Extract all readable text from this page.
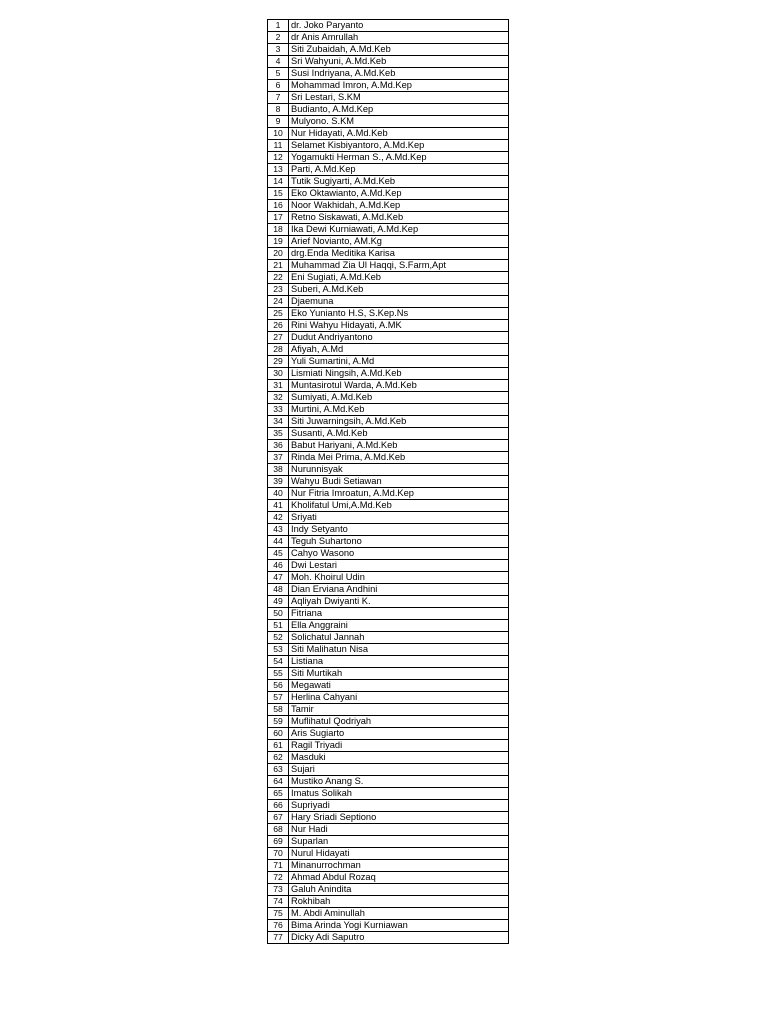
1	dr. Joko Paryanto
2	dr Anis Amrullah
3	Siti Zubaidah, A.Md.Keb
4	Sri Wahyuni, A.Md.Keb
5	Susi Indriyana, A.Md.Keb
6	Mohammad Imron, A.Md.Kep
7	Sri Lestari, S.KM
8	Budianto, A.Md.Kep
9	Mulyono. S.KM
10	Nur Hidayati, A.Md.Keb
11	Selamet Kisbiyantoro, A.Md.Kep
12	Yogamukti Herman S., A.Md.Kep
13	Parti, A.Md.Kep
14	Tutik Sugiyarti, A.Md.Keb
15	Eko Oktawianto, A.Md.Kep
16	Noor Wakhidah, A.Md.Kep
17	Retno Siskawati, A.Md.Keb
18	Ika Dewi Kurniawati, A.Md.Kep
19	Arief Novianto, AM.Kg
20	drg.Enda Meditika Karisa
21	Muhammad Zia Ul Haqqi, S.Farm,Apt
22	Eni Sugiati, A.Md.Keb
23	Suberi, A.Md.Keb
24	Djaemuna
25	Eko Yunianto H.S, S.Kep.Ns
26	Rini Wahyu Hidayati, A.MK
27	Dudut Andriyantono
28	Afiyah, A.Md
29	Yuli Sumartini, A.Md
30	Lismiati Ningsih, A.Md.Keb
31	Muntasirotul Warda, A.Md.Keb
32	Sumiyati, A.Md.Keb
33	Murtini, A.Md.Keb
34	Siti Juwarningsih, A.Md.Keb
35	Susanti, A.Md.Keb
36	Babut Hariyani, A.Md.Keb
37	Rinda Mei Prima, A.Md.Keb
38	Nurunnisyak
39	Wahyu Budi Setiawan
40	Nur Fitria Imroatun, A.Md.Kep
41	Kholifatul Umi,A.Md.Keb
42	Sriyati
43	Indy Setyanto
44	Teguh Suhartono
45	Cahyo Wasono
46	Dwi Lestari
47	Moh. Khoirul Udin
48	Dian Erviana Andhini
49	Aqliyah Dwiyanti K.
50	Fitriana
51	Ella Anggraini
52	Solichatul Jannah
53	Siti Malihatun Nisa
54	Listiana
55	Siti Murtikah
56	Megawati
57	Herlina Cahyani
58	Tamir
59	Muflihatul Qodriyah
60	Aris Sugiarto
61	Ragil Triyadi
62	Masduki
63	Sujari
64	Mustiko Anang S.
65	Imatus Solikah
66	Supriyadi
67	Hary Sriadi Septiono
68	Nur Hadi
69	Suparlan
70	Nurul Hidayati
71	Minanurrochman
72	Ahmad Abdul Rozaq
73	Galuh Anindita
74	Rokhibah
75	M. Abdi Aminullah
76	Bima Arinda Yogi Kurniawan
77	Dicky Adi Saputro
